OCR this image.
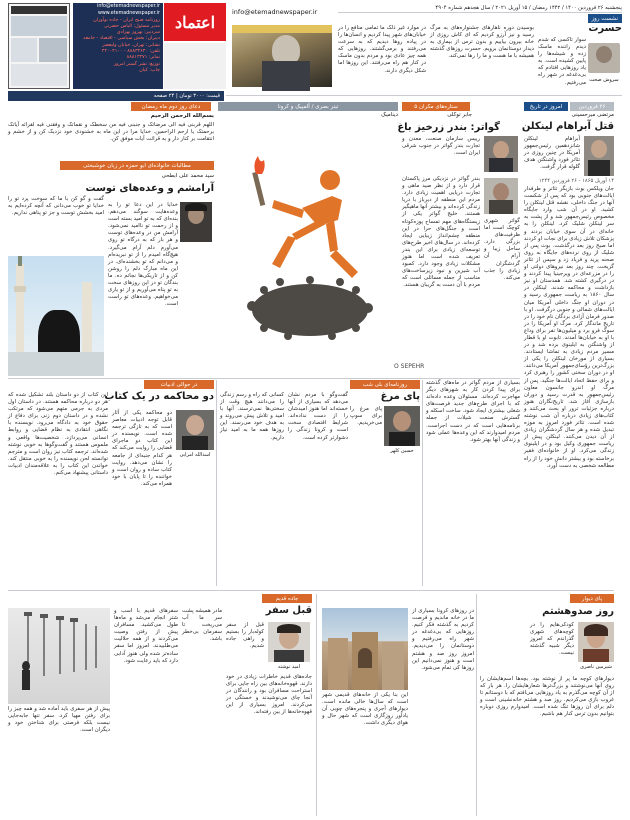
info@etemadnewspaper.ir
www.etemadnewspaper.ir
روزنامه صبح ایران - جاده نوآوران
مدیر مسئول: الیاس حضرتی
سردبیر: بهروز بهزادی
دبیران: بخش سیاسی - اقتصاد - جامعه
نشانی: تهران، خیابان ولیعصر
تلفن: ۸۸۸۳۳۶۳۰ - ۴۳۰۰۴۱۰۰
نمابر: ۸۸۸۱۳۴۷۱
توزیع: نشر گستر امروز
چاپ: کیان
اعتماد
info@etemadnewspaper.ir
در موارد غیر ذلک ما تمامی منافع را در خیابان‌های شهر پیدا کردیم و انسان‌ها را در پیاده روها دیدیم که به سرعت می‌رفتند و برمی‌گشتند. روزهایی که همه چیز عادی بود و مردم بدون ماسک در کنار هم راه می‌رفتند. این روزها اما شکل دیگری دارند.
بوسیدن دوره ناهارهای جشنواره‌های به مرگ رسید و نیز آرزو کردیم که ای کاش روزی از خانه بیرون بیاییم و بدون ترس از بیماری به دیدار دوستانمان برویم. حسرت روزهای گذشته همیشه با ما هست و ما را رها نمی‌کند.
پنجشنبه ۲۶ فروردین ۱۴۰۰ / ۱۴۴۲ رمضان / ۱۵ آوریل ۲۰۲۱ / سال هجدهم شماره ۴۹۰۴
نشست روز
حسرت
سروش صحت
سوار تاکسی که شدم دیدم راننده ماسک زده و شیشه‌ها را پایین کشیده است. به یاد روزهایی افتادم که بی‌دغدغه در شهر راه می‌رفتیم.
قیمت: ۳۰۰۰ تومان | ۲۴ صفحه
دعای روز دوم ماه رمضان
بسم‌الله الرحمن الرحیم
اللهم قربنی فیه الی مرضاتک و جنبنی فیه من سخطک و نقماتک و وفقنی فیه لقرائه آیاتک برحمتک یا ارحم الراحمین. خدایا مرا در این ماه به خشنودی خود نزدیک کن و از خشم و انتقامت بر کنار دار و به قرائت آیات موفق کن.
مطالبات خانواده‌ای ابو حمزه در زبان خوشبختی
سید محمد علی ابطحی
آرامشم و وعده‌های توست
خدایا در این دعا تو را به وعده‌هایت سوگند می‌دهم. بنده‌ای که به تو امید بسته است و از رحمت تو ناامید نمی‌شود. آرامش من در وعده‌های توست و هر بار که به درگاه تو روی می‌آورم دلم آرام می‌گیرد. هیچ‌گاه امیدم را از تو نبریده‌ام و می‌دانم که تو بخشنده‌ای. در این ماه مبارک دلم را روشن کن و از تاریکی‌ها نجاتم ده. ما بندگان تو در این روزهای سخت به تو پناه می‌آوریم و از تو یاری می‌خواهیم. وعده‌های تو راست است.
گفت و گو کن با ما که سوخت پرد تو را خدایا تو خوب می‌دانی که آنچه کرده‌ایم به امید بخشش توست و جز تو پناهی نداریم.
تیتر بصری / آلمپیک و کرونا
دینامیک
O SEPEHR
ستاره‌های مکران ۵
جابر توکلی
گواتر: بندر زرخیز باغ
رییس سازمان صنعت، معدن و تجارت بندر گواتر در جنوب شرقی ایران است.
بندر گواتر در نزدیکی مرز پاکستان قرار دارد و از نظر صید ماهی و تجارت دریایی اهمیت زیادی دارد. مردم این منطقه از دیرباز با دریا زندگی کرده‌اند و بیشتر آنها ماهیگیر هستند. خلیج گواتر یکی از زیستگاه‌های مهم تمساح پوزه‌کوتاه است و جنگل‌های حرا در این منطقه چشم‌انداز زیبایی ایجاد کرده‌اند. در سال‌های اخیر طرح‌های توسعه‌ای زیادی برای این بندر تعریف شده است اما هنوز مشکلات زیادی وجود دارد. کمبود آب شیرین و نبود زیرساخت‌های مناسب از جمله مسائلی است که مردم با آن دست به گریبان هستند.
گواتر شهری کوچک است اما ظرفیت‌های بزرگی دارد. ساحل زیبا و آرام آن گردشگران زیادی را جذب می‌کند.
امروز در تاریخ	۲۶ فروردین
مرتضی میرحسینی
قتل آبراهام لینکلن
آبراهام لینکلن شانزدهمین رئیس‌جمهور آمریکا در چنین روزی در تئاتر فورد واشنگتن هدف گلوله قرار گرفت.
۱۴ آوریل ۱۸۶۵ - ۲۶ فروردین ۱۲۴۴
جان ویلکس بوث بازیگر تئاتر و طرفدار ایالت‌های جنوبی بود که پس از شکست آنها در جنگ داخلی، نقشه قتل لینکلن را کشید. او در آن شب وارد جایگاه مخصوص رئیس‌جمهور شد و از پشت به سر لینکلن شلیک کرد. لینکلن را به خانه‌ای در آن سوی خیابان بردند و پزشکان تلاش زیادی برای نجات او کردند اما صبح روز بعد درگذشت. بوث پس از شلیک از روی نرده‌های جایگاه به روی صحنه پرید و فریاد زد و سپس از تئاتر گریخت. چند روز بعد نیروهای دولتی او را در مزرعه‌ای در ویرجینیا پیدا کردند و در درگیری کشته شد. همدستان او نیز بازداشت و محاکمه شدند. لینکلن در سال ۱۸۶۰ به ریاست جمهوری رسید و در دوران او جنگ داخلی آمریکا میان ایالت‌های شمالی و جنوبی درگرفت. او با صدور فرمان آزادی بردگان نام خود را در تاریخ ماندگار کرد. مرگ او آمریکا را در سوگ فرو برد و میلیون‌ها نفر برای وداع با او به خیابان‌ها آمدند. تابوت او با قطار از واشنگتن به ایلینوی برده شد و در مسیر مردم زیادی به تماشا ایستادند. بسیاری از مورخان لینکلن را یکی از بزرگ‌ترین رؤسای‌جمهور آمریکا می‌دانند. او در دوران سختی کشور را رهبری کرد و برای حفظ اتحاد ایالت‌ها جنگید. پس از مرگ او اندرو جانسون معاون رئیس‌جمهور به قدرت رسید و دوران بازسازی آغاز شد. تاریخ‌نگاران هنوز درباره جزئیات ترور او بحث می‌کنند و کتاب‌های زیادی درباره آن شب نوشته شده است. تئاتر فورد امروز به موزه تبدیل شده و هر سال گردشگران زیادی از آن دیدن می‌کنند. لینکلن پیش از ریاست جمهوری وکیل بود و در ایلینوی زندگی می‌کرد. او از خانواده‌ای فقیر برخاسته بود و بیشتر دانش خود را از راه مطالعه شخصی به دست آورد.
در حوالی ادبیات
دو محاکمه در یک کتاب
اسدالله امرایی
دو محاکمه یکی از آثار قابل توجه ادبیات معاصر است که به تازگی ترجمه شده است. نویسنده در این کتاب دو ماجرای قضایی را روایت می‌کند که هر کدام جنبه‌ای از جامعه را نشان می‌دهد. روایت کتاب ساده و روان است و خواننده را تا پایان با خود همراه می‌کند.
این کتاب از دو داستان بلند تشکیل شده که هر دو درباره محاکمه هستند. در داستان اول مردی به جرمی متهم می‌شود که مرتکب نشده و در داستان دوم زنی برای دفاع از حقوق خود به دادگاه می‌رود. نویسنده با نگاهی انتقادی به نظام قضایی و روابط انسانی می‌پردازد. شخصیت‌ها واقعی و ملموس هستند و گفت‌وگوها به خوبی نوشته شده‌اند. ترجمه کتاب نیز روان است و مترجم توانسته لحن نویسنده را به خوبی منتقل کند. خواندن این کتاب را به علاقه‌مندان ادبیات داستانی پیشنهاد می‌کنم.
کسانی که راه و رسم زندگی را می‌دانند هیچ وقت از سختی‌ها نمی‌ترسند. آنها با امید و تلاش پیش می‌روند و به هدف خود می‌رسند. این روزها همه ما به امید نیاز داریم.
گفت‌وگو با مردم نشان می‌دهد که بسیاری از آنها خسته‌اند اما هنوز امیدشان را از دست نداده‌اند. شرایط اقتصادی سخت است و کرونا زندگی را دشوارتر کرده است.
روزنامه‌ای بلی شب
پای مرغ
حسین کلهر
پای مرغ را برای سوپ می‌خریدیم.
بسیاری از مردم گواتر در ماه‌های گذشته برای پیدا کردن کار به شهرهای دیگر مهاجرت کرده‌اند. مسئولان وعده داده‌اند که با اجرای طرح‌های جدید فرصت‌های شغلی بیشتری ایجاد شود. ساخت اسکله و گسترش صنعت شیلات از جمله برنامه‌هایی است که در دست اجراست. مردم امیدوارند که این وعده‌ها عملی شود و زندگی آنها بهتر شود.
پیش از هر سفری باید آماده شد و همه چیز را برای رفتن مهیا کرد. سفر تنها جابه‌جایی نیست بلکه فرصتی برای شناختن خود و دیگران است.
سفرهای قدیم با اسب و شتر انجام می‌شد و ماه‌ها طول می‌کشید. مسافران پیش از رفتن وصیت می‌کردند و از همه حلالیت می‌طلبیدند. امروز اما سفر ساده‌تر شده ولی هنوز آدابی دارد که باید رعایت شود.
جاده قدیم
قبل سفر
امید نوشته
قبل از سفر کوله‌بار را بستیم و راهی جاده شدیم.
مادر همیشه پشت سر ما آب می‌ریخت تا سفرمان بی‌خطر باشد.
جاده‌های قدیم خاطرات زیادی در خود دارند. قهوه‌خانه‌های بین راه جایی برای استراحت مسافران بود و رانندگان در آنجا چای می‌نوشیدند و خستگی در می‌کردند. امروز بسیاری از این قهوه‌خانه‌ها از بین رفته‌اند.
این بنا یکی از خانه‌های قدیمی شهر است که سال‌ها خالی مانده است. دیوارهای آجری و پنجره‌های چوبی آن یادآور روزگاری است که شهر حال و هوای دیگری داشت.
در روزهای کرونا بسیاری از ما در خانه ماندیم و فرصت کردیم به گذشته فکر کنیم. روزهایی که بی‌دغدغه در شهر راه می‌رفتیم و دوستانمان را می‌دیدیم. امروز روز صد و هشتم است و هنوز نمی‌دانیم این روزها کی تمام می‌شود.
پای دیوار
روز صدوهشتم
شیرمین ناصری
کودکی‌هایم را در کوچه‌های شهری گذراندم که امروز دیگر شبیه گذشته نیست.
دیوارهای کوچه ما پر از نوشته بود. بچه‌ها اسم‌هایشان را روی آنها می‌نوشتند و بزرگ‌ترها شعارهایشان را. هر بار که از آن کوچه می‌گذرم به یاد روزهایی می‌افتم که با دوستانم تا غروب بازی می‌کردیم. روز صد و هشتم خانه‌نشینی است و دلم برای آن روزها تنگ شده است. امیدوارم روزی دوباره بتوانیم بدون ترس کنار هم باشیم.
